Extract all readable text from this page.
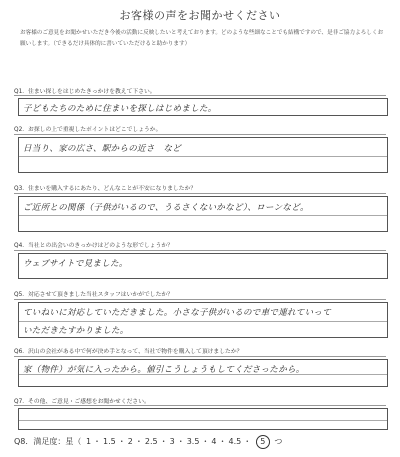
お客様の声をお聞かせください
お客様のご意見をお聞かせいただき今後の活動に反映したいと考えております。どのような些細なことでも結構ですので、是非ご協力よろしくお願いします。（できるだけ具体的に書いていただけると助かります）
Q1．住まい探しをはじめたきっかけを教えて下さい。
子どもたちのために住まいを探しはじめました。
Q2．お探しの上で重視したポイントはどこでしょうか。
日当り、家の広さ、駅からの近さ　など
Q3．住まいを購入するにあたり、どんなことが不安になりましたか？
ご近所との関係（子供がいるので、うるさくないかなど）、ローンなど。
Q4．当社との出会いのきっかけはどのような形でしょうか？
ウェブサイトで見ました。
Q5．対応させて頂きました当社スタッフはいかがでしたか？
ていねいに対応していただきました。小さな子供がいるので車で連れていって
いただきたすかりました。
Q6．沢山の会社がある中で何が決め手となって、当社で物件を購入して頂けましたか？
家（物件）が気に入ったから。値引こうしょうもしてくださったから。
Q7．その他、ご意見・ご感想をお聞かせください。
Q8．満足度：星（ 1 ・ 1.5 ・ 2 ・ 2.5 ・ 3 ・ 3.5 ・ 4 ・ 4.5 ・ 5 つ
